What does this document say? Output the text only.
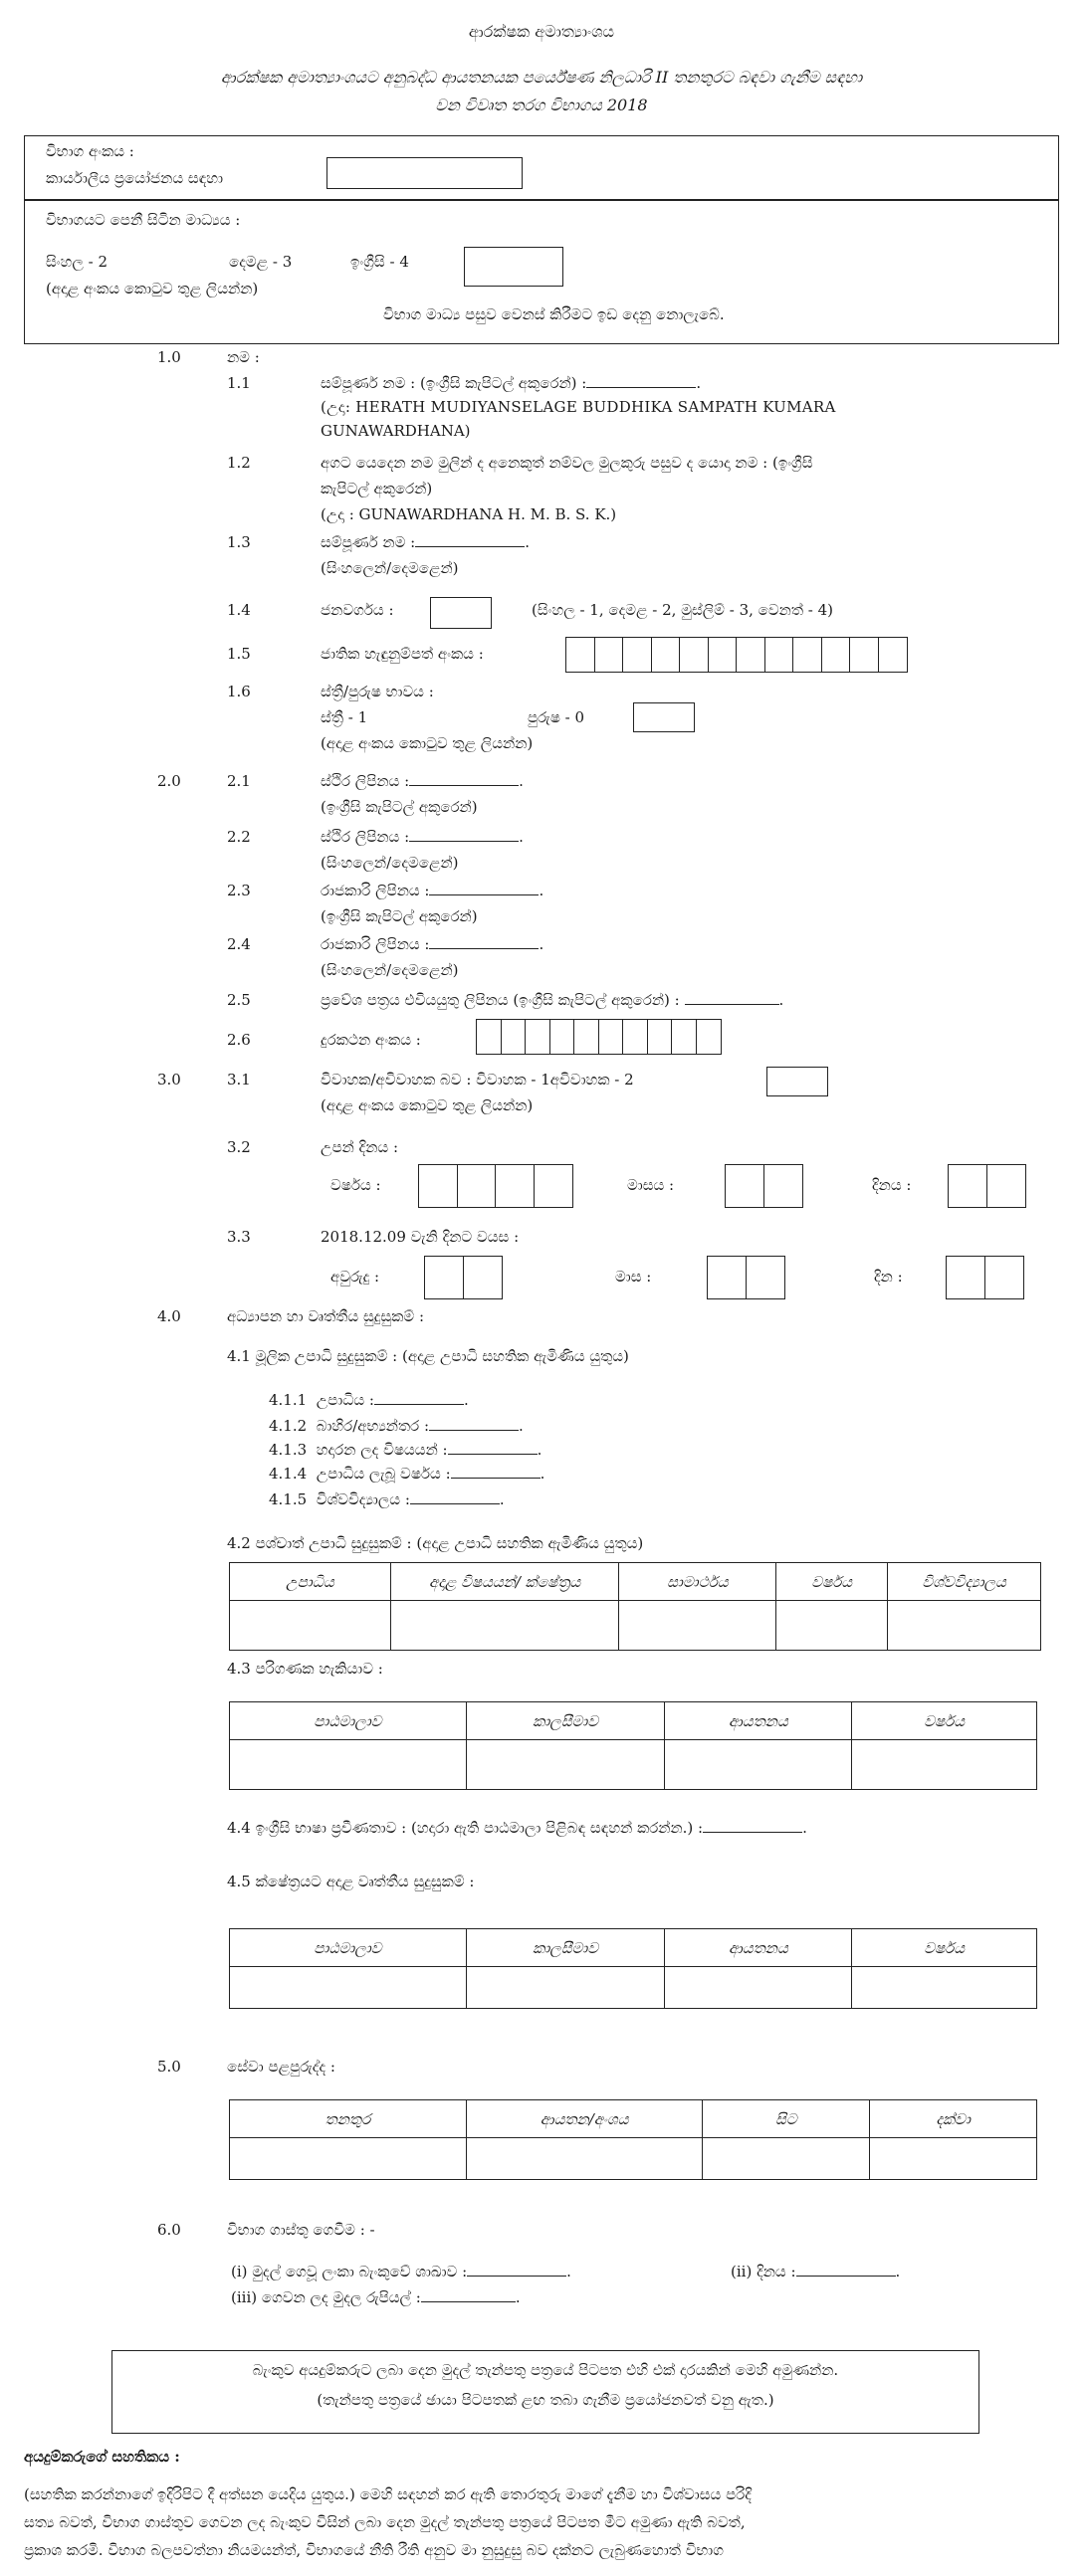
ආරක්ෂක අමාත්‍යාංශය
ආරක්ෂක අමාත්‍යාංශයට අනුබද්ධ ආයතනයක පර්යේෂණ නිලධාරි II තනතුරට බඳවා ගැනීම සඳහා
වන විවෘත තරග විභාගය 2018
විභාග අංකය :
කාර්යාලීය ප්‍රයෝජනය සඳහා
විභාගයට පෙනී සිටින මාධ්‍යය :
සිංහල - 2	දෙමළ - 3	ඉංග්‍රීසි - 4
(අදාළ අංකය කොටුව තුළ ලියන්න)
විභාග මාධ්‍ය පසුව වෙනස් කිරීමට ඉඩ දෙනු නොලැබේ.
1.0	නම :
1.1	සම්පූර්ණ නම : (ඉංග්‍රීසි කැපිටල් අකුරෙන්) :	.
(උදා: HERATH MUDIYANSELAGE BUDDHIKA SAMPATH KUMARA
GUNAWARDHANA)
1.2	අගට යෙදෙන නම මුලින් ද අනෙකුත් නම්වල මුලකුරු පසුව ද යොදා නම : (ඉංග්‍රීසි
කැපිටල් අකුරෙන්)
(උදා : GUNAWARDHANA H. M. B. S. K.)
1.3	සම්පූර්ණ නම :	.
(සිංහලෙන්/දෙමළෙන්)
1.4	ජනවර්ගය :	(සිංහල - 1, දෙමළ - 2, මුස්ලිම් - 3, වෙනත් - 4)
1.5	ජාතික හැඳුනුම්පත් අංකය :
1.6	ස්ත්‍රී/පුරුෂ භාවය :
ස්ත්‍රී - 1	පුරුෂ - 0
(අදාළ අංකය කොටුව තුළ ලියන්න)
2.0	2.1	ස්ථිර ලිපිනය :	.
(ඉංග්‍රීසි කැපිටල් අකුරෙන්)
2.2	ස්ථිර ලිපිනය :	.
(සිංහලෙන්/දෙමළෙන්)
2.3	රාජකාරි ලිපිනය :	.
(ඉංග්‍රීසි කැපිටල් අකුරෙන්)
2.4	රාජකාරි ලිපිනය :	.
(සිංහලෙන්/දෙමළෙන්)
2.5	ප්‍රවේශ පත්‍රය එවියයුතු ලිපිනය (ඉංග්‍රීසි කැපිටල් අකුරෙන්) :	.
2.6	දුරකථන අංකය :
3.0	3.1	විවාහක/අවිවාහක බව : විවාහක - 1අවිවාහක - 2
(අදාළ අංකය කොටුව තුළ ලියන්න)
3.2	උපන් දිනය :
වර්ෂය :	මාසය :	දිනය :
3.3	2018.12.09 වැනි දිනට වයස :
අවුරුදු :	මාස :	දින :
4.0	අධ්‍යාපන හා වෘත්තීය සුදුසුකම් :
4.1 මූලික උපාධි සුදුසුකම් : (අදාළ උපාධි සහතික ඇමිණිය යුතුය)
4.1.1 උපාධිය :	.
4.1.2 බාහිර/අභ්‍යන්තර :	.
4.1.3 හදාරන ලද විෂයයන් :	.
4.1.4 උපාධිය ලැබූ වර්ෂය :	.
4.1.5 විශ්වවිද්‍යාලය :	.
4.2 පශ්චාත් උපාධි සුදුසුකම් : (අදාළ උපාධි සහතික ඇමිණිය යුතුය)
උපාධිය	අදාළ විෂයයන්/ ක්ෂේත්‍රය	සාමාර්ථය	වර්ෂය	විශ්වවිද්‍යාලය

4.3 පරිගණක හැකියාව :
පාඨමාලාව	කාලසීමාව	ආයතනය	වර්ෂය

4.4 ඉංග්‍රීසි භාෂා ප්‍රවීණතාව : (හදාරා ඇති පාඨමාලා පිළිබඳ සඳහන් කරන්න.) :	.
4.5 ක්ෂේත්‍රයට අදාළ වෘත්තීය සුදුසුකම් :
පාඨමාලාව	කාලසීමාව	ආයතනය	වර්ෂය

5.0	සේවා පළපුරුද්ද :
තනතුර	ආයතන/අංශය	සිට	දක්වා

6.0	විභාග ගාස්තු ගෙවීම : -
(i) මුදල් ගෙවූ ලංකා බැංකුවේ ශාඛාව :	.	(ii) දිනය :	.
(iii) ගෙවන ලද මුදල රුපියල් :	.
බැංකුව අයදුම්කරුට ලබා දෙන මුදල් තැන්පතු පත්‍රයේ පිටපත එහි එක් දාරයකින් මෙහි අමුණන්න.
(තැන්පතු පත්‍රයේ ඡායා පිටපතක් ළඟ තබා ගැනීම ප්‍රයෝජනවත් වනු ඇත.)
අයදුම්කරුගේ සහතිකය :
(සහතික කරන්නාගේ ඉදිරිපිට දී අත්සන යෙදිය යුතුය.) මෙහි සඳහන් කර ඇති තොරතුරු මාගේ දැනීම හා විශ්වාසය පරිදි
සත්‍ය බවත්, විභාග ගාස්තුව ගෙවන ලද බැංකුව විසින් ලබා දෙන මුදල් තැන්පතු පත්‍රයේ පිටපත මීට අමුණා ඇති බවත්,
ප්‍රකාශ කරමි. විභාග බලපවත්නා නියමයන්ත්, විභාගයේ නීති රීති අනුව මා නුසුදුසු බව දක්නට ලැබුණහොත් විභාග
